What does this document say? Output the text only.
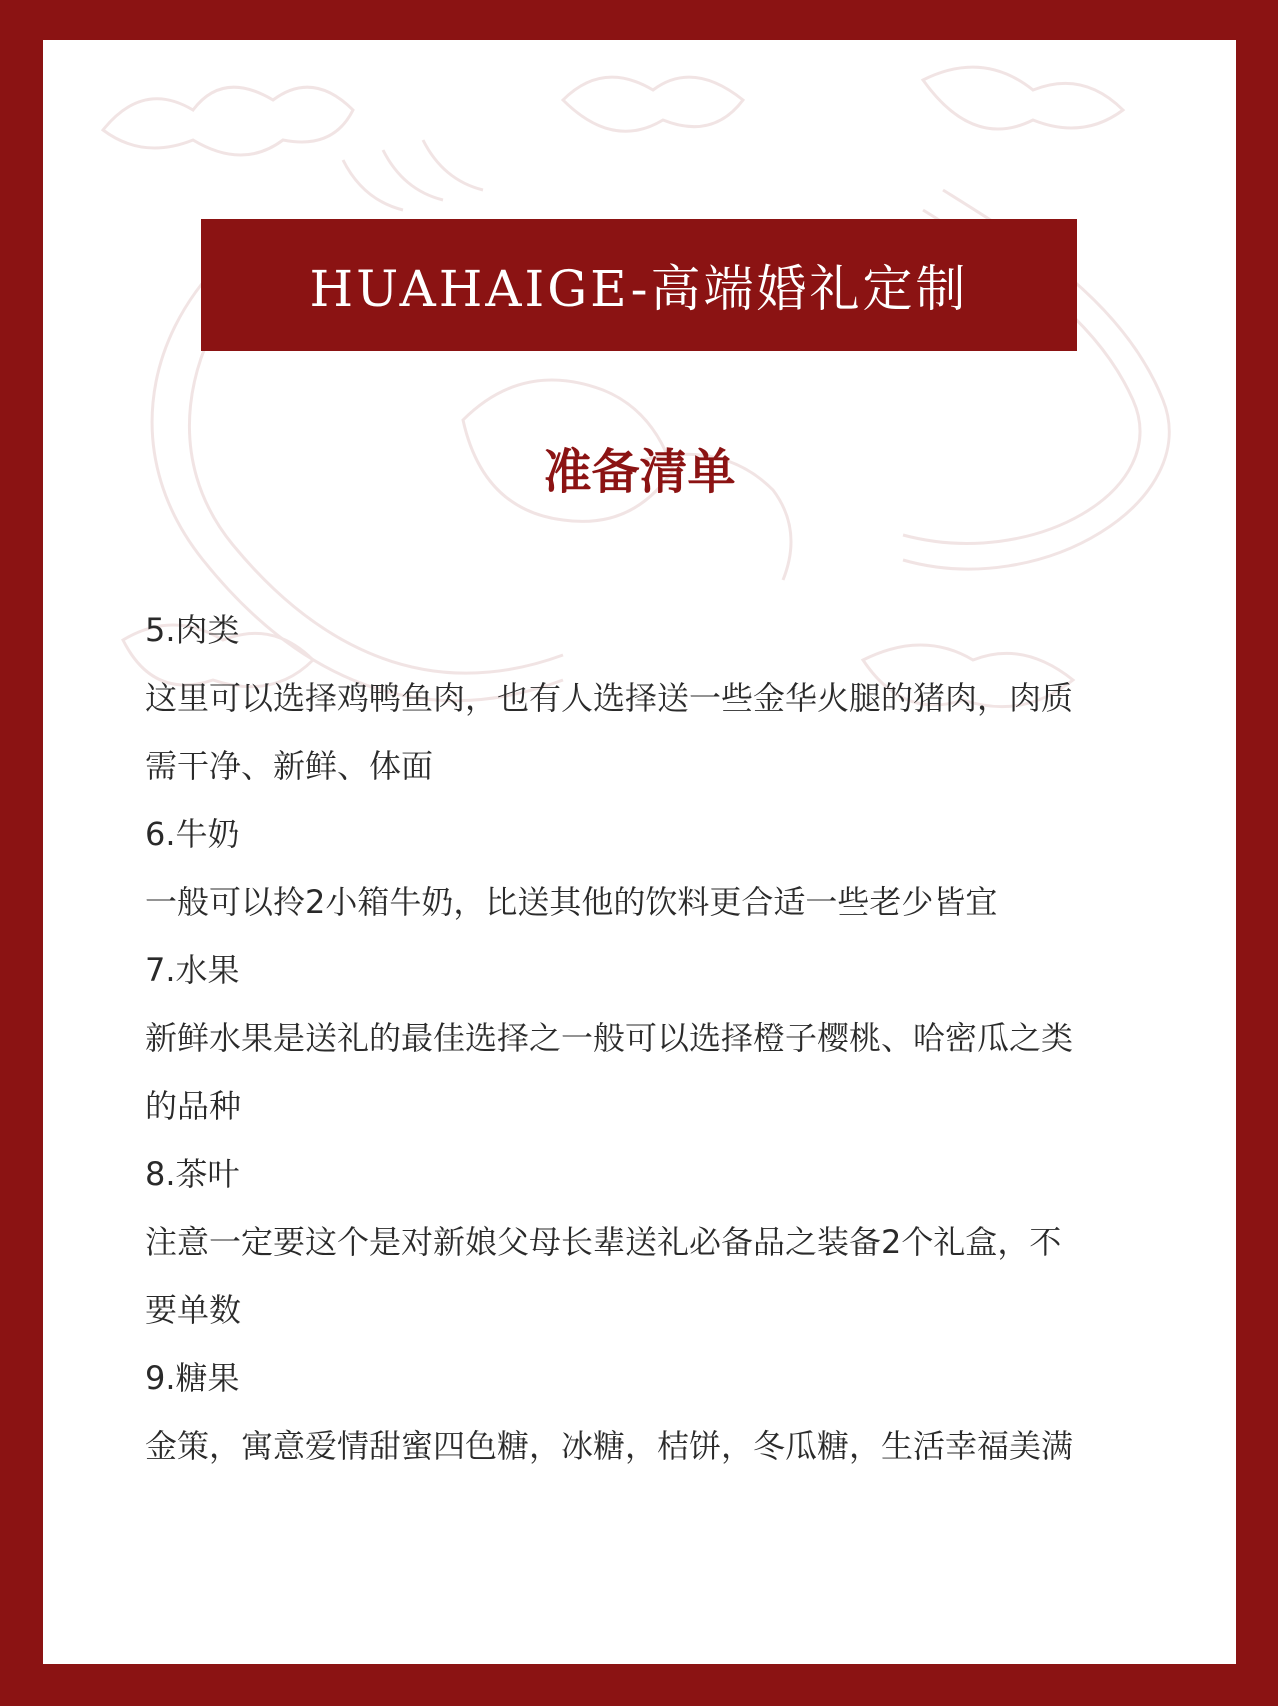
HUAHAIGE-高端婚礼定制
准备清单

5.肉类

这里可以选择鸡鸭鱼肉，也有人选择送一些金华火腿的猪肉，肉质

需干净、新鲜、体面

6.牛奶

一般可以拎2小箱牛奶，比送其他的饮料更合适一些老少皆宜

7.水果

新鲜水果是送礼的最佳选择之一般可以选择橙子樱桃、哈密瓜之类

的品种

8.茶叶

注意一定要这个是对新娘父母长辈送礼必备品之装备2个礼盒，不

要单数

9.糖果

金策，寓意爱情甜蜜四色糖，冰糖，桔饼，冬瓜糖，生活幸福美满
